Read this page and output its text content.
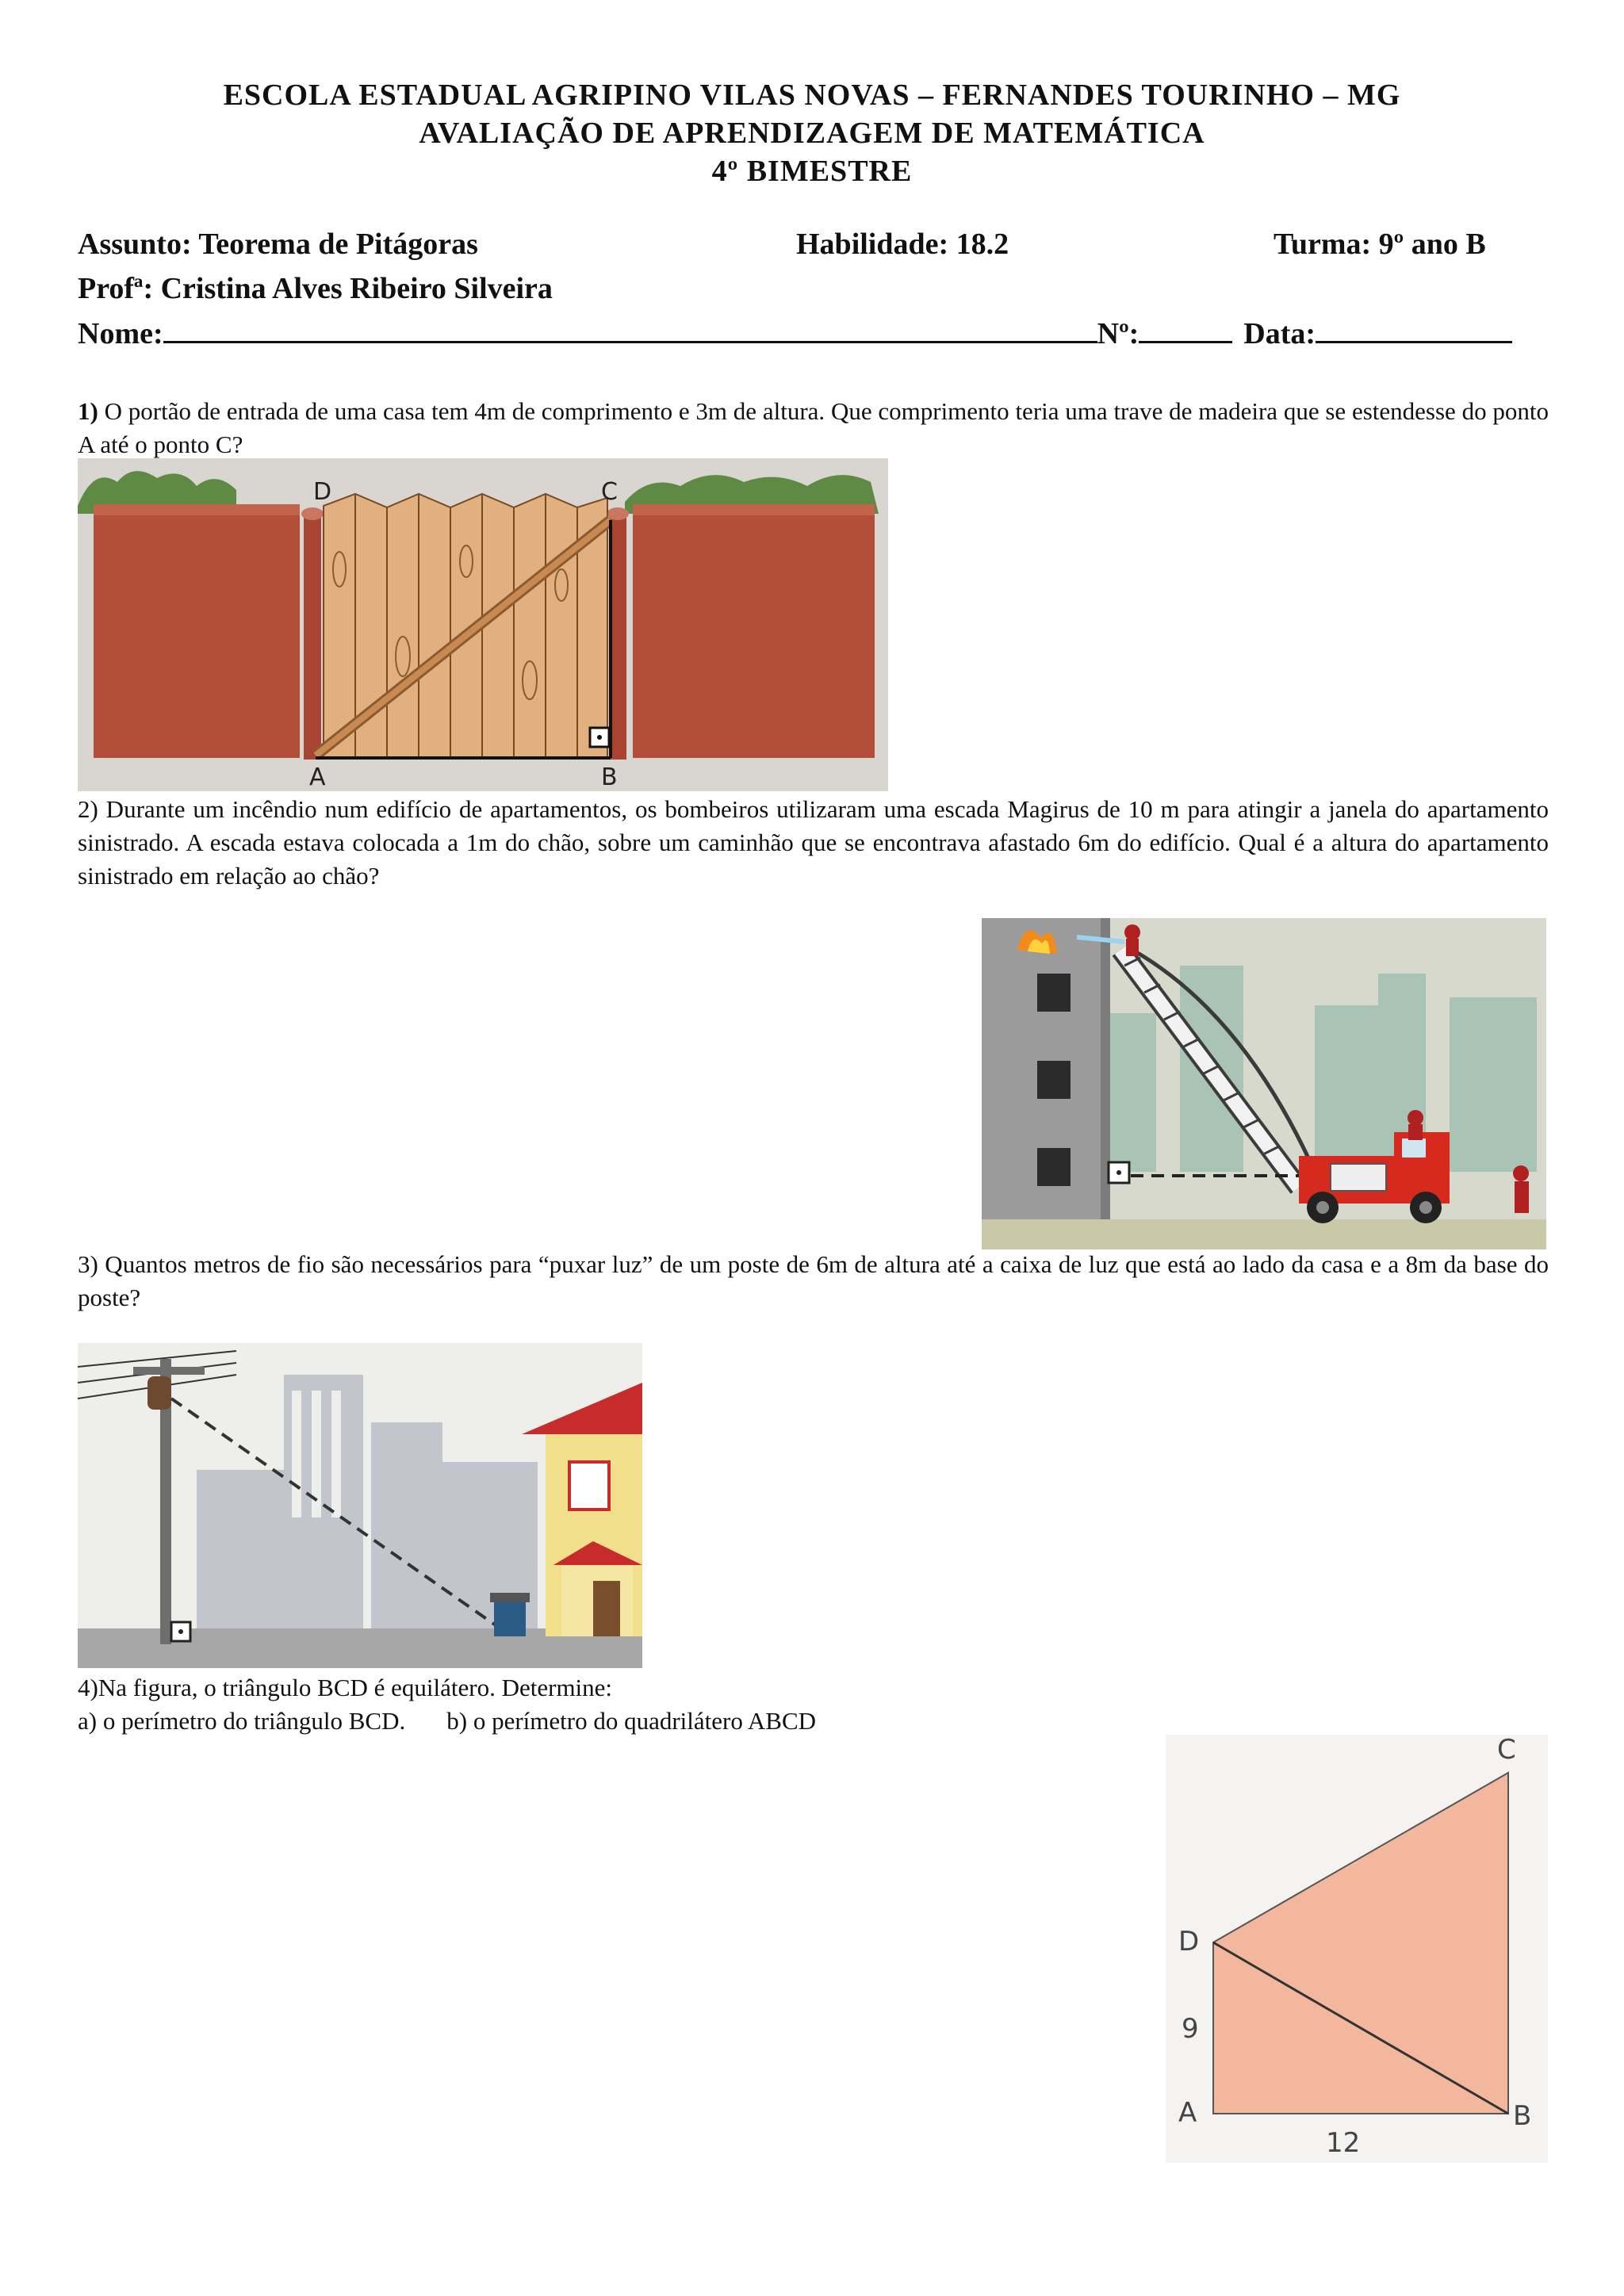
ESCOLA ESTADUAL AGRIPINO VILAS NOVAS – FERNANDES TOURINHO – MG
AVALIAÇÃO DE APRENDIZAGEM DE MATEMÁTICA
4º BIMESTRE
Assunto: Teorema de Pitágoras	Habilidade: 18.2	Turma: 9º ano B
Profª: Cristina Alves Ribeiro Silveira
Nome:	Nº:	Data:
1) O portão de entrada de uma casa tem 4m de comprimento e 3m de altura. Que comprimento teria uma trave de madeira que se estendesse do ponto A até o ponto C?
D	C
A	B
2) Durante um incêndio num edifício de apartamentos, os bombeiros utilizaram uma escada Magirus de 10 m para atingir a janela do apartamento sinistrado. A escada estava colocada a 1m do chão, sobre um caminhão que se encontrava afastado 6m do edifício. Qual é a altura do apartamento sinistrado em relação ao chão?
3) Quantos metros de fio são necessários para “puxar luz” de um poste de 6m de altura até a caixa de luz que está ao lado da casa e a 8m da base do poste?
4)Na figura, o triângulo BCD é equilátero. Determine:
a) o perímetro do triângulo BCD. b) o perímetro do quadrilátero ABCD
C
D
9
A	B
12
